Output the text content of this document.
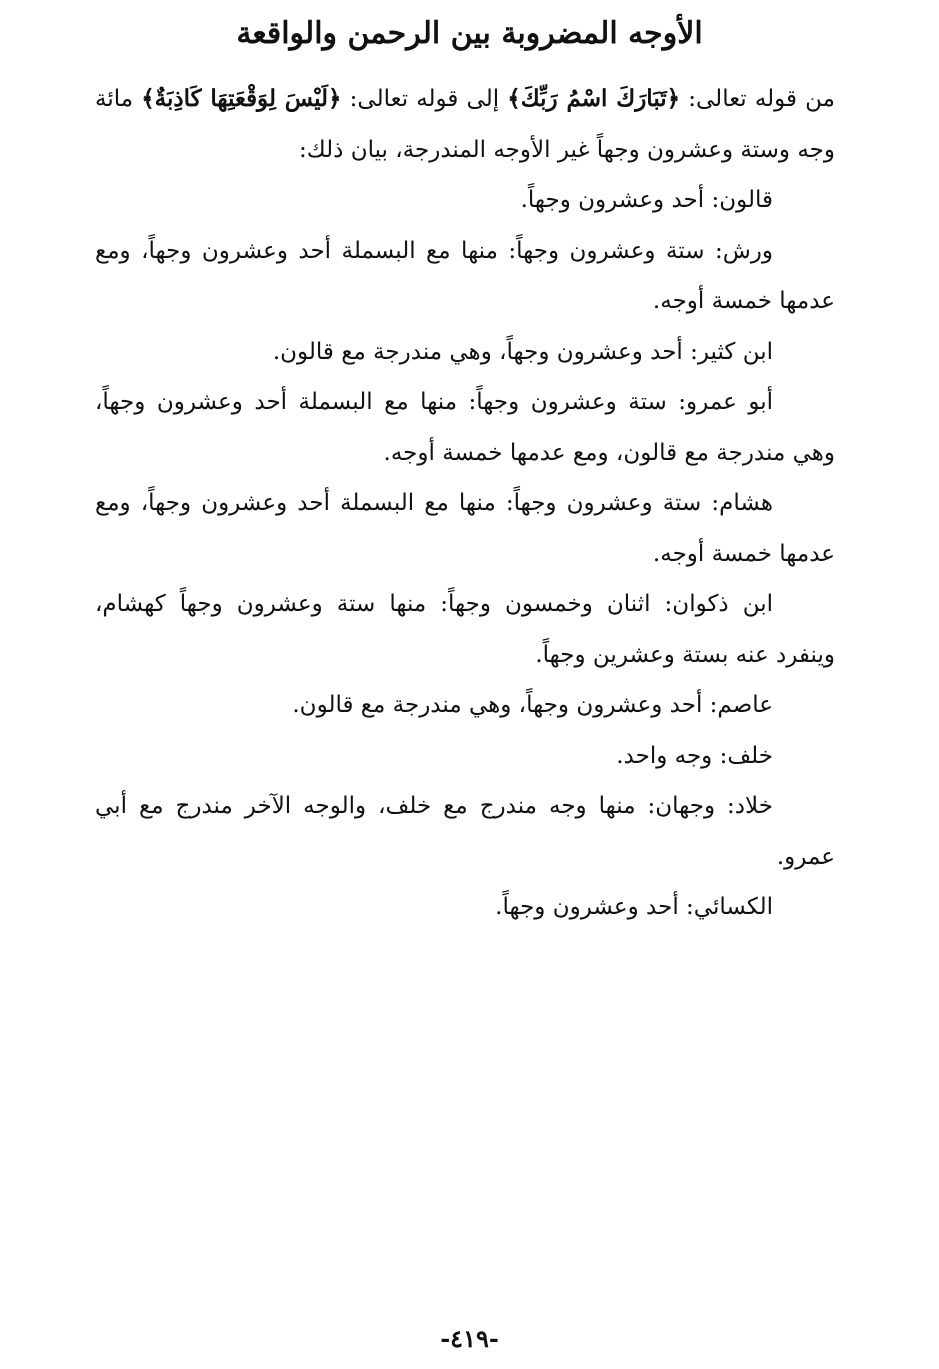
الأوجه المضروبة بين الرحمن والواقعة

من قوله تعالى: ﴿تَبَارَكَ اسْمُ رَبِّكَ﴾ إلى قوله تعالى: ﴿لَيْسَ لِوَقْعَتِهَا كَاذِبَةٌ﴾ مائة وجه وستة وعشرون وجهاً غير الأوجه المندرجة، بيان ذلك:

قالون: أحد وعشرون وجهاً.

ورش: ستة وعشرون وجهاً: منها مع البسملة أحد وعشرون وجهاً، ومع عدمها خمسة أوجه.

ابن كثير: أحد وعشرون وجهاً، وهي مندرجة مع قالون.

أبو عمرو: ستة وعشرون وجهاً: منها مع البسملة أحد وعشرون وجهاً، وهي مندرجة مع قالون، ومع عدمها خمسة أوجه.

هشام: ستة وعشرون وجهاً: منها مع البسملة أحد وعشرون وجهاً، ومع عدمها خمسة أوجه.

ابن ذكوان: اثنان وخمسون وجهاً: منها ستة وعشرون وجهاً كهشام، وينفرد عنه بستة وعشرين وجهاً.

عاصم: أحد وعشرون وجهاً، وهي مندرجة مع قالون.

خلف: وجه واحد.

خلاد: وجهان: منها وجه مندرج مع خلف، والوجه الآخر مندرج مع أبي عمرو.

الكسائي: أحد وعشرون وجهاً.

-٤١٩-
